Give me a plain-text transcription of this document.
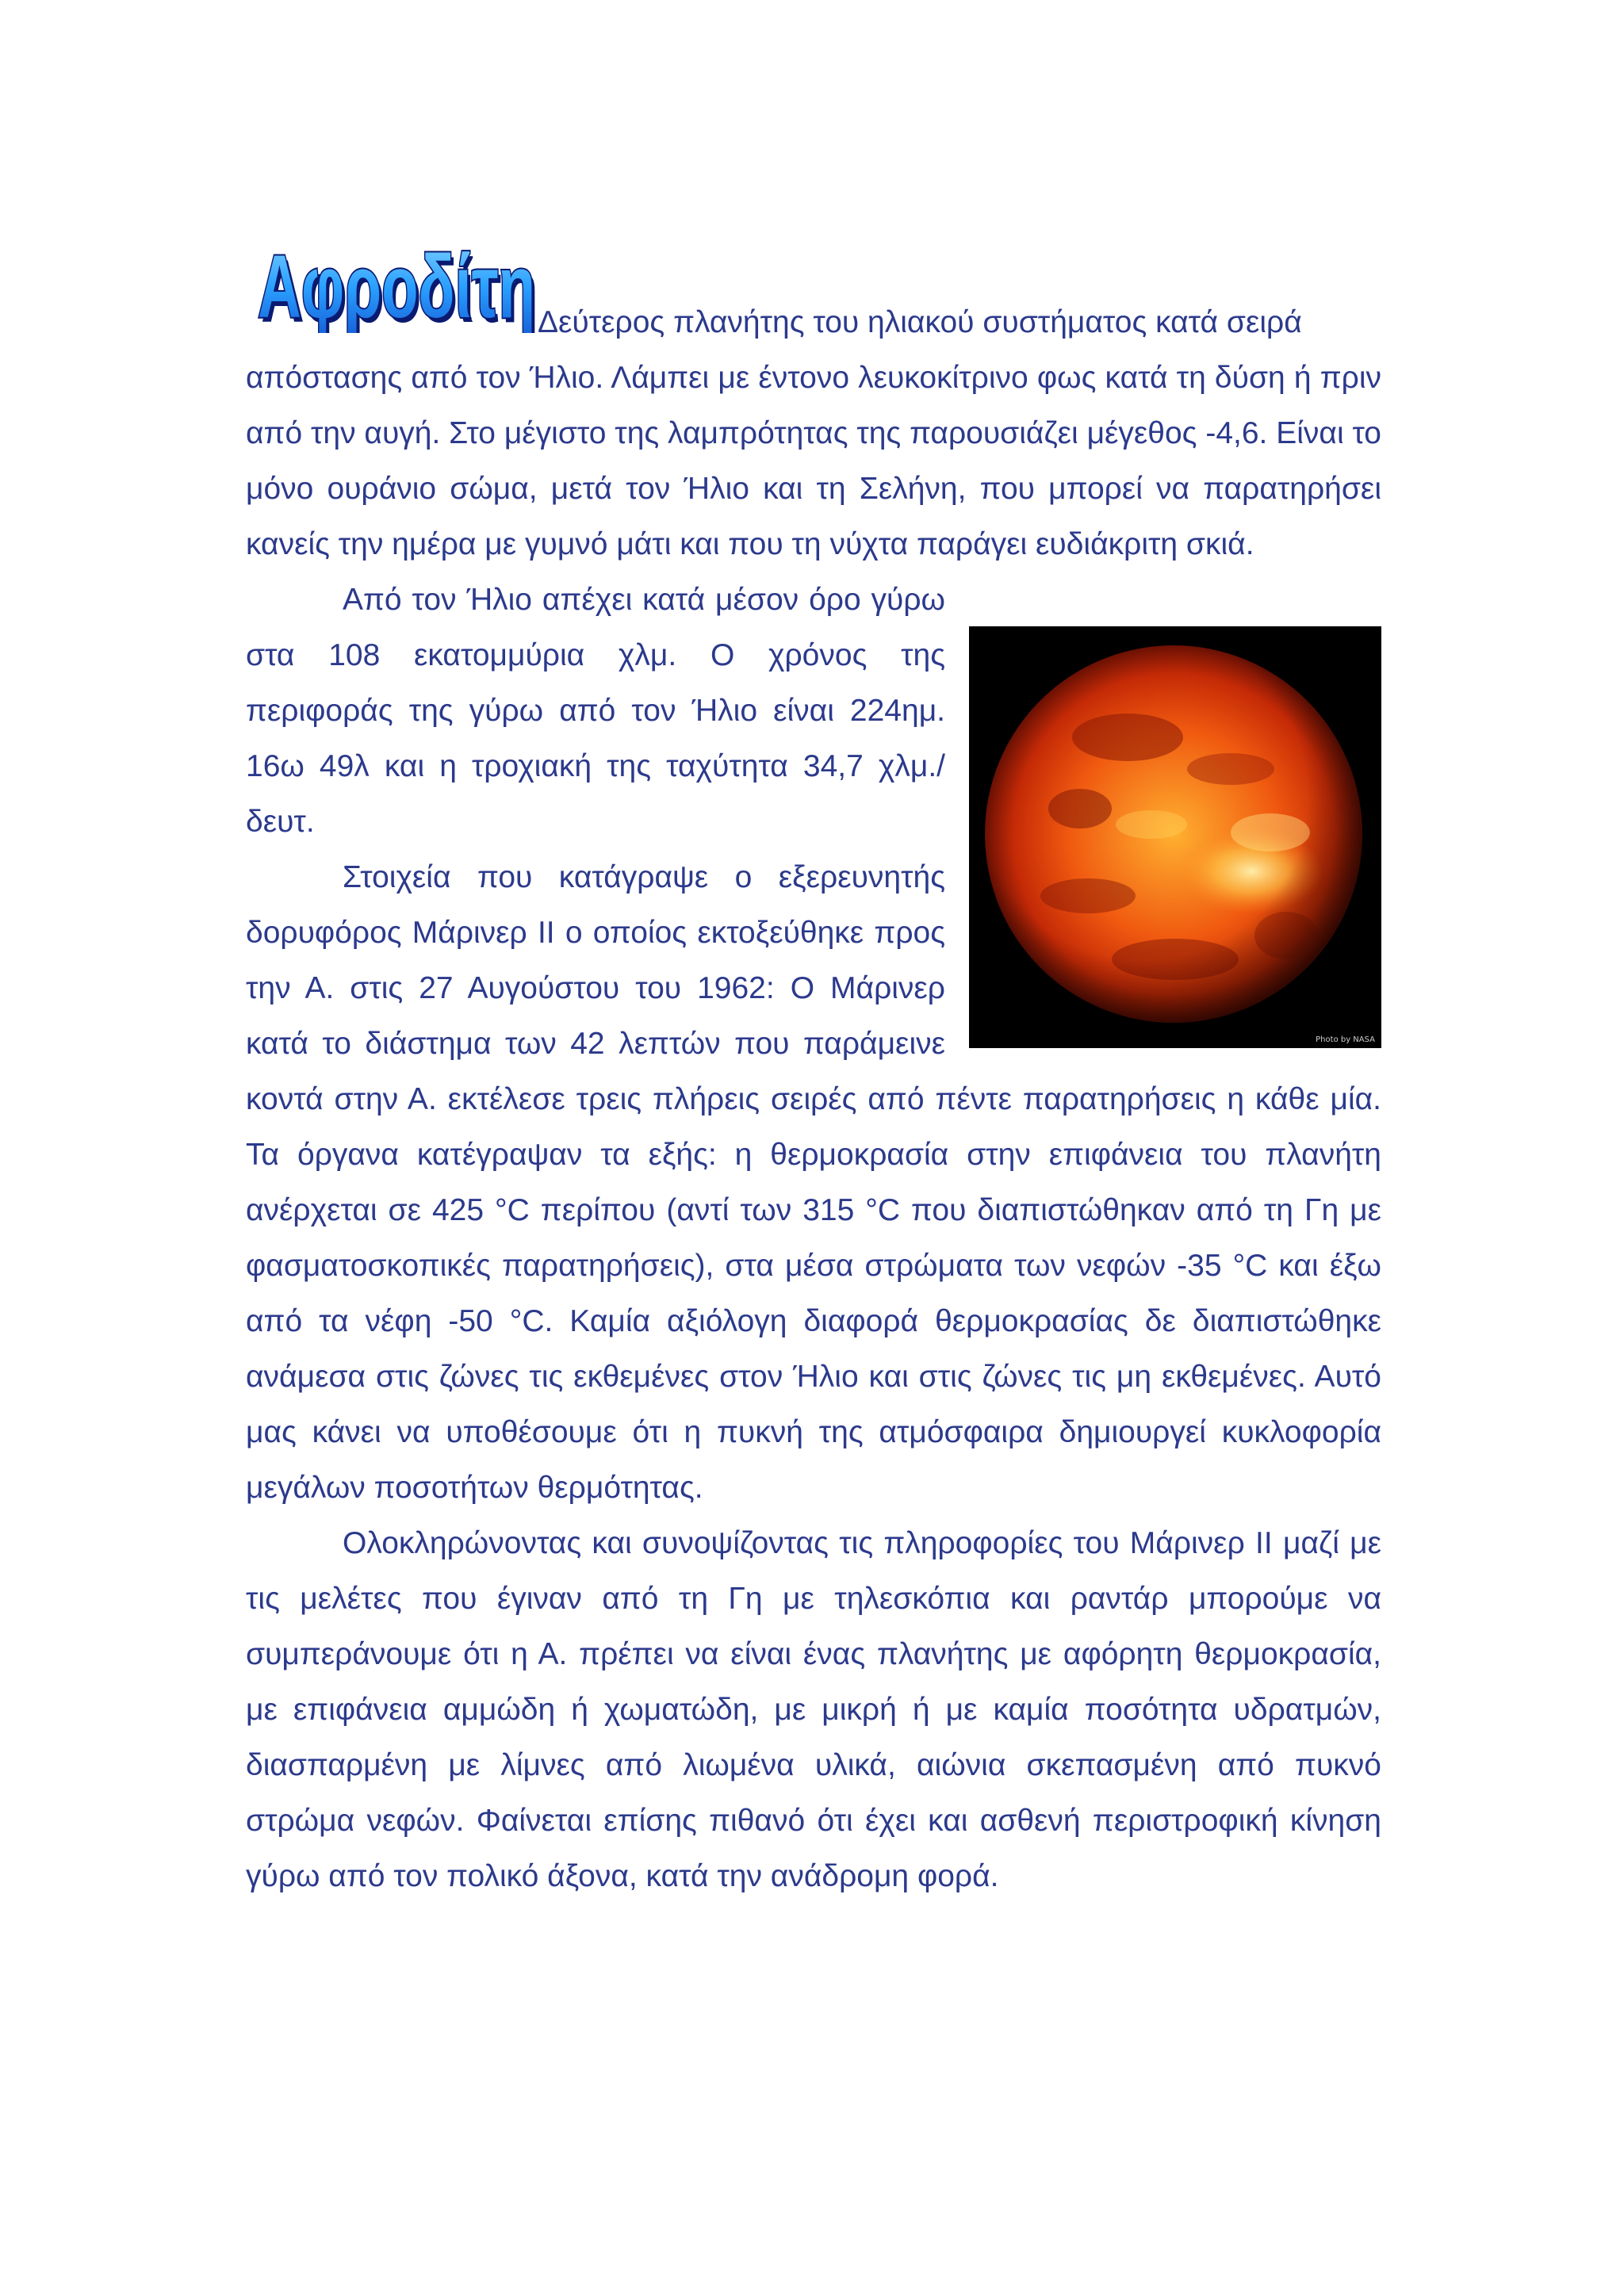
Αφροδίτη
Αφροδίτη Δεύτερος πλανήτης του ηλιακού συστήματος κατά σειρά
απόστασης από τον Ήλιο. Λάμπει με έντονο λευκοκίτρινο φως κατά τη δύση ή πριν από την αυγή. Στο μέγιστο της λαμπρότητας της παρουσιάζει μέγεθος -4,6. Είναι το μόνο ουράνιο σώμα, μετά τον Ήλιο και τη Σελήνη, που μπορεί να παρατηρήσει κανείς την ημέρα με γυμνό μάτι και που τη νύχτα παράγει ευδιάκριτη σκιά.

Photo by NASA

Από τον Ήλιο απέχει κατά μέσον όρο γύρω στα 108 εκατομμύρια χλμ. Ο χρόνος της περιφοράς της γύρω από τον Ήλιο είναι 224ημ. 16ω 49λ και η τροχιακή της ταχύτητα 34,7 χλμ./δευτ.

Στοιχεία που κατάγραψε ο εξερευνητής δορυφόρος Μάρινερ ΙΙ ο οποίος εκτοξεύθηκε προς την Α. στις 27 Αυγούστου του 1962: Ο Μάρινερ κατά το διάστημα των 42 λεπτών που παράμεινε κοντά στην Α. εκτέλεσε τρεις πλήρεις σειρές από πέντε παρατηρήσεις η κάθε μία. Τα όργανα κατέγραψαν τα εξής: η θερμοκρασία στην επιφάνεια του πλανήτη ανέρχεται σε 425 °C περίπου (αντί των 315 °C που διαπιστώθηκαν από τη Γη με φασματοσκοπικές παρατηρήσεις), στα μέσα στρώματα των νεφών -35 °C και έξω από τα νέφη -50 °C. Καμία αξιόλογη διαφορά θερμοκρασίας δε διαπιστώθηκε ανάμεσα στις ζώνες τις εκθεμένες στον Ήλιο και στις ζώνες τις μη εκθεμένες. Αυτό μας κάνει να υποθέσουμε ότι η πυκνή της ατμόσφαιρα δημιουργεί κυκλοφορία μεγάλων ποσοτήτων θερμότητας.

Ολοκληρώνοντας και συνοψίζοντας τις πληροφορίες του Μάρινερ ΙΙ μαζί με τις μελέτες που έγιναν από τη Γη με τηλεσκόπια και ραντάρ μπορούμε να συμπεράνουμε ότι η Α. πρέπει να είναι ένας πλανήτης με αφόρητη θερμοκρασία, με επιφάνεια αμμώδη ή χωματώδη, με μικρή ή με καμία ποσότητα υδρατμών, διασπαρμένη με λίμνες από λιωμένα υλικά, αιώνια σκεπασμένη από πυκνό στρώμα νεφών. Φαίνεται επίσης πιθανό ότι έχει και ασθενή περιστροφική κίνηση γύρω από τον πολικό άξονα, κατά την ανάδρομη φορά.
